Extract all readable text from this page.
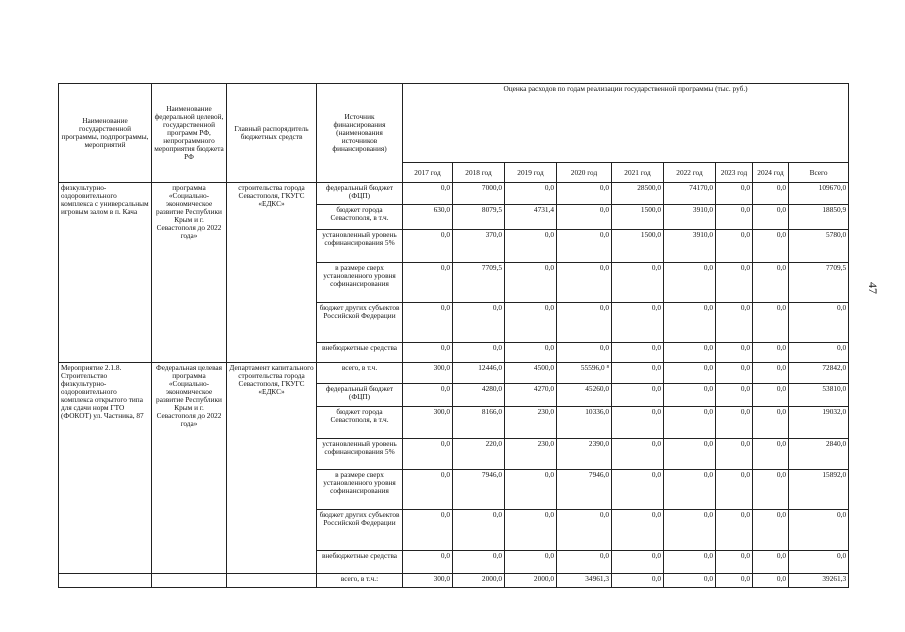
Наименование государственной программы, подпрограммы, мероприятий	Наименование федеральной целевой, государственной программ РФ, непрограммного мероприятия бюджета РФ	Главный распорядитель бюджетных средств	Источник финансирования (наименования источников финансирования)	Оценка расходов по годам реализации государственной программы (тыс. руб.)								
				2017 год	2018 год	2019 год	2020 год	2021 год	2022 год	2023 год	2024 год	Всего
физкультурно-оздоровительного комплекса с универсальным игровым залом в п. Кача	программа «Социально-экономическое развитие Республики Крым и г. Севастополя до 2022 года»	строительства города Севастополя, ГКУГС «ЕДКС»	федеральный бюджет (ФЦП)	0,0	7000,0	0,0	0,0	28500,0	74170,0	0,0	0,0	109670,0
			бюджет города Севастополя, в т.ч.	630,0	8079,5	4731,4	0,0	1500,0	3910,0	0,0	0,0	18850,9
			установленный уровень софинансирования 5%	0,0	370,0	0,0	0,0	1500,0	3910,0	0,0	0,0	5780,0
			в размере сверх установленного уровня софинансирования	0,0	7709,5	0,0	0,0	0,0	0,0	0,0	0,0	7709,5
			бюджет других субъектов Российской Федерации	0,0	0,0	0,0	0,0	0,0	0,0	0,0	0,0	0,0
			внебюджетные средства	0,0	0,0	0,0	0,0	0,0	0,0	0,0	0,0	0,0
Мероприятие 2.1.8. Строительство физкультурно-оздоровительного комплекса открытого типа для сдачи норм ГТО (ФОКОТ) ул. Частника, 87	Федеральная целевая программа «Социально-экономическое развитие Республики Крым и г. Севастополя до 2022 года»	Департамент капитального строительства города Севастополя, ГКУГС «ЕДКС»	всего, в т.ч.	300,0	12446,0	4500,0	55596,0 ⁸	0,0	0,0	0,0	0,0	72842,0
			федеральный бюджет (ФЦП)	0,0	4280,0	4270,0	45260,0	0,0	0,0	0,0	0,0	53810,0
			бюджет города Севастополя, в т.ч.	300,0	8166,0	230,0	10336,0	0,0	0,0	0,0	0,0	19032,0
			установленный уровень софинансирования 5%	0,0	220,0	230,0	2390,0	0,0	0,0	0,0	0,0	2840,0
			в размере сверх установленного уровня софинансирования	0,0	7946,0	0,0	7946,0	0,0	0,0	0,0	0,0	15892,0
			бюджет других субъектов Российской Федерации	0,0	0,0	0,0	0,0	0,0	0,0	0,0	0,0	0,0
			внебюджетные средства	0,0	0,0	0,0	0,0	0,0	0,0	0,0	0,0	0,0
			всего, в т.ч.:	300,0	2000,0	2000,0	34961,3	0,0	0,0	0,0	0,0	39261,3
47
